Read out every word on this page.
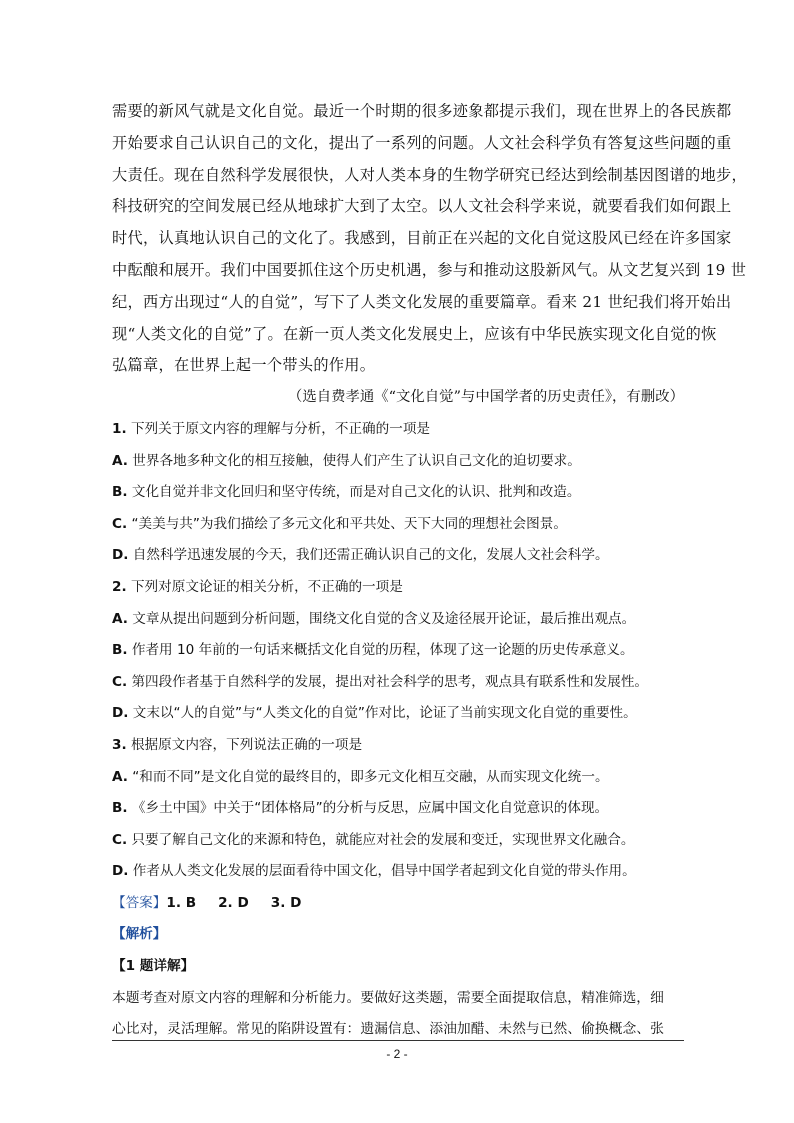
需要的新风气就是文化自觉。最近一个时期的很多迹象都提示我们，现在世界上的各民族都
开始要求自己认识自己的文化，提出了一系列的问题。人文社会科学负有答复这些问题的重
大责任。现在自然科学发展很快，人对人类本身的生物学研究已经达到绘制基因图谱的地步，
科技研究的空间发展已经从地球扩大到了太空。以人文社会科学来说，就要看我们如何跟上
时代，认真地认识自己的文化了。我感到，目前正在兴起的文化自觉这股风已经在许多国家
中酝酿和展开。我们中国要抓住这个历史机遇，参与和推动这股新风气。从文艺复兴到 19 世
纪，西方出现过“人的自觉”，写下了人类文化发展的重要篇章。看来 21 世纪我们将开始出
现“人类文化的自觉”了。在新一页人类文化发展史上，应该有中华民族实现文化自觉的恢
弘篇章，在世界上起一个带头的作用。

（选自费孝通《“文化自觉”与中国学者的历史责任》，有删改）

1. 下列关于原文内容的理解与分析，不正确的一项是

A. 世界各地多种文化的相互接触，使得人们产生了认识自己文化的迫切要求。

B. 文化自觉并非文化回归和坚守传统，而是对自己文化的认识、批判和改造。

C. “美美与共”为我们描绘了多元文化和平共处、天下大同的理想社会图景。

D. 自然科学迅速发展的今天，我们还需正确认识自己的文化，发展人文社会科学。

2. 下列对原文论证的相关分析，不正确的一项是

A. 文章从提出问题到分析问题，围绕文化自觉的含义及途径展开论证，最后推出观点。

B. 作者用 10 年前的一句话来概括文化自觉的历程，体现了这一论题的历史传承意义。

C. 第四段作者基于自然科学的发展，提出对社会科学的思考，观点具有联系性和发展性。

D. 文末以“人的自觉”与“人类文化的自觉”作对比，论证了当前实现文化自觉的重要性。

3. 根据原文内容，下列说法正确的一项是

A. “和而不同”是文化自觉的最终目的，即多元文化相互交融，从而实现文化统一。

B. 《乡土中国》中关于“团体格局”的分析与反思，应属中国文化自觉意识的体现。

C. 只要了解自己文化的来源和特色，就能应对社会的发展和变迁，实现世界文化融合。

D. 作者从人类文化发展的层面看待中国文化，倡导中国学者起到文化自觉的带头作用。

【答案】1. B 2. D 3. D

【解析】

【1 题详解】

本题考查对原文内容的理解和分析能力。要做好这类题，需要全面提取信息，精准筛选，细
心比对，灵活理解。常见的陷阱设置有：遗漏信息、添油加醋、未然与已然、偷换概念、张
- 2 -
